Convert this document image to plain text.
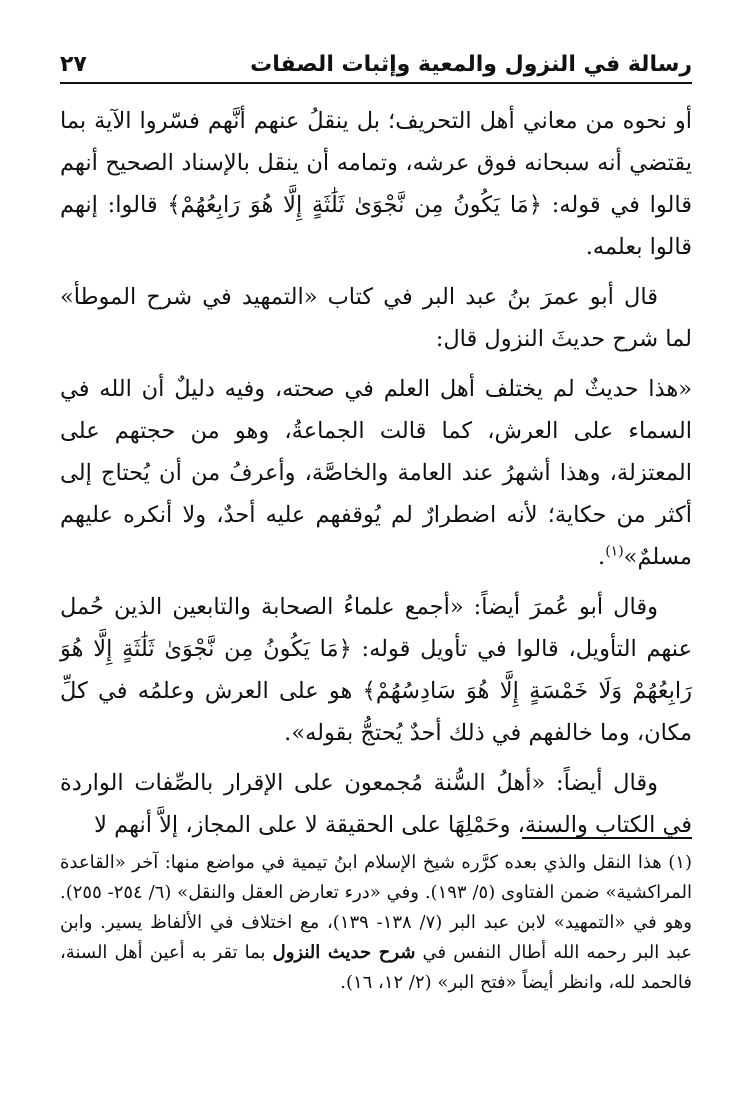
٢٧	رسالة في النزول والمعية وإثبات الصفات

أو نحوه من معاني أهل التحريف؛ بل ينقلُ عنهم أنَّهم فسّروا الآية بما يقتضي أنه سبحانه فوق عرشه، وتمامه أن ينقل بالإسناد الصحيح أنهم قالوا في قوله: ﴿مَا يَكُونُ مِن نَّجْوَىٰ ثَلَٰثَةٍ إِلَّا هُوَ رَابِعُهُمْ﴾ قالوا: إنهم قالوا بعلمه.

قال أبو عمرَ بنُ عبد البر في كتاب «التمهيد في شرح الموطأ» لما شرح حديثَ النزول قال:

«هذا حديثٌ لم يختلف أهل العلم في صحته، وفيه دليلٌ أن الله في السماء على العرش، كما قالت الجماعةُ، وهو من حجتهم على المعتزلة، وهذا أشهرُ عند العامة والخاصَّة، وأعرفُ من أن يُحتاج إلى أكثر من حكاية؛ لأنه اضطرارٌ لم يُوقفهم عليه أحدٌ، ولا أنكره عليهم مسلمٌ»$^{(١)}$.

وقال أبو عُمرَ أيضاً: «أجمع علماءُ الصحابة والتابعين الذين حُمل عنهم التأويل، قالوا في تأويل قوله: ﴿مَا يَكُونُ مِن نَّجْوَىٰ ثَلَٰثَةٍ إِلَّا هُوَ رَابِعُهُمْ وَلَا خَمْسَةٍ إِلَّا هُوَ سَادِسُهُمْ﴾ هو على العرش وعلمُه في كلِّ مكان، وما خالفهم في ذلك أحدٌ يُحتجُّ بقوله».

وقال أيضاً: «أهلُ السُّنة مُجمعون على الإقرار بالصِّفات الواردة في الكتاب والسنة، وحَمْلِهَا على الحقيقة لا على المجاز، إلاَّ أنهم لا

(١) هذا النقل والذي بعده كرَّره شيخ الإسلام ابنُ تيمية في مواضع منها: آخر «القاعدة المراكشية» ضمن الفتاوى (٥/ ١٩٣). وفي «درء تعارض العقل والنقل» (٦/ ٢٥٤- ٢٥٥). وهو في «التمهيد» لابن عبد البر (٧/ ١٣٨- ١٣٩)، مع اختلاف في الألفاظ يسير. وابن عبد البر رحمه الله أطال النفس في شرح حديث النزول بما تقر به أعين أهل السنة، فالحمد لله، وانظر أيضاً «فتح البر» (٢/ ١٢، ١٦).
